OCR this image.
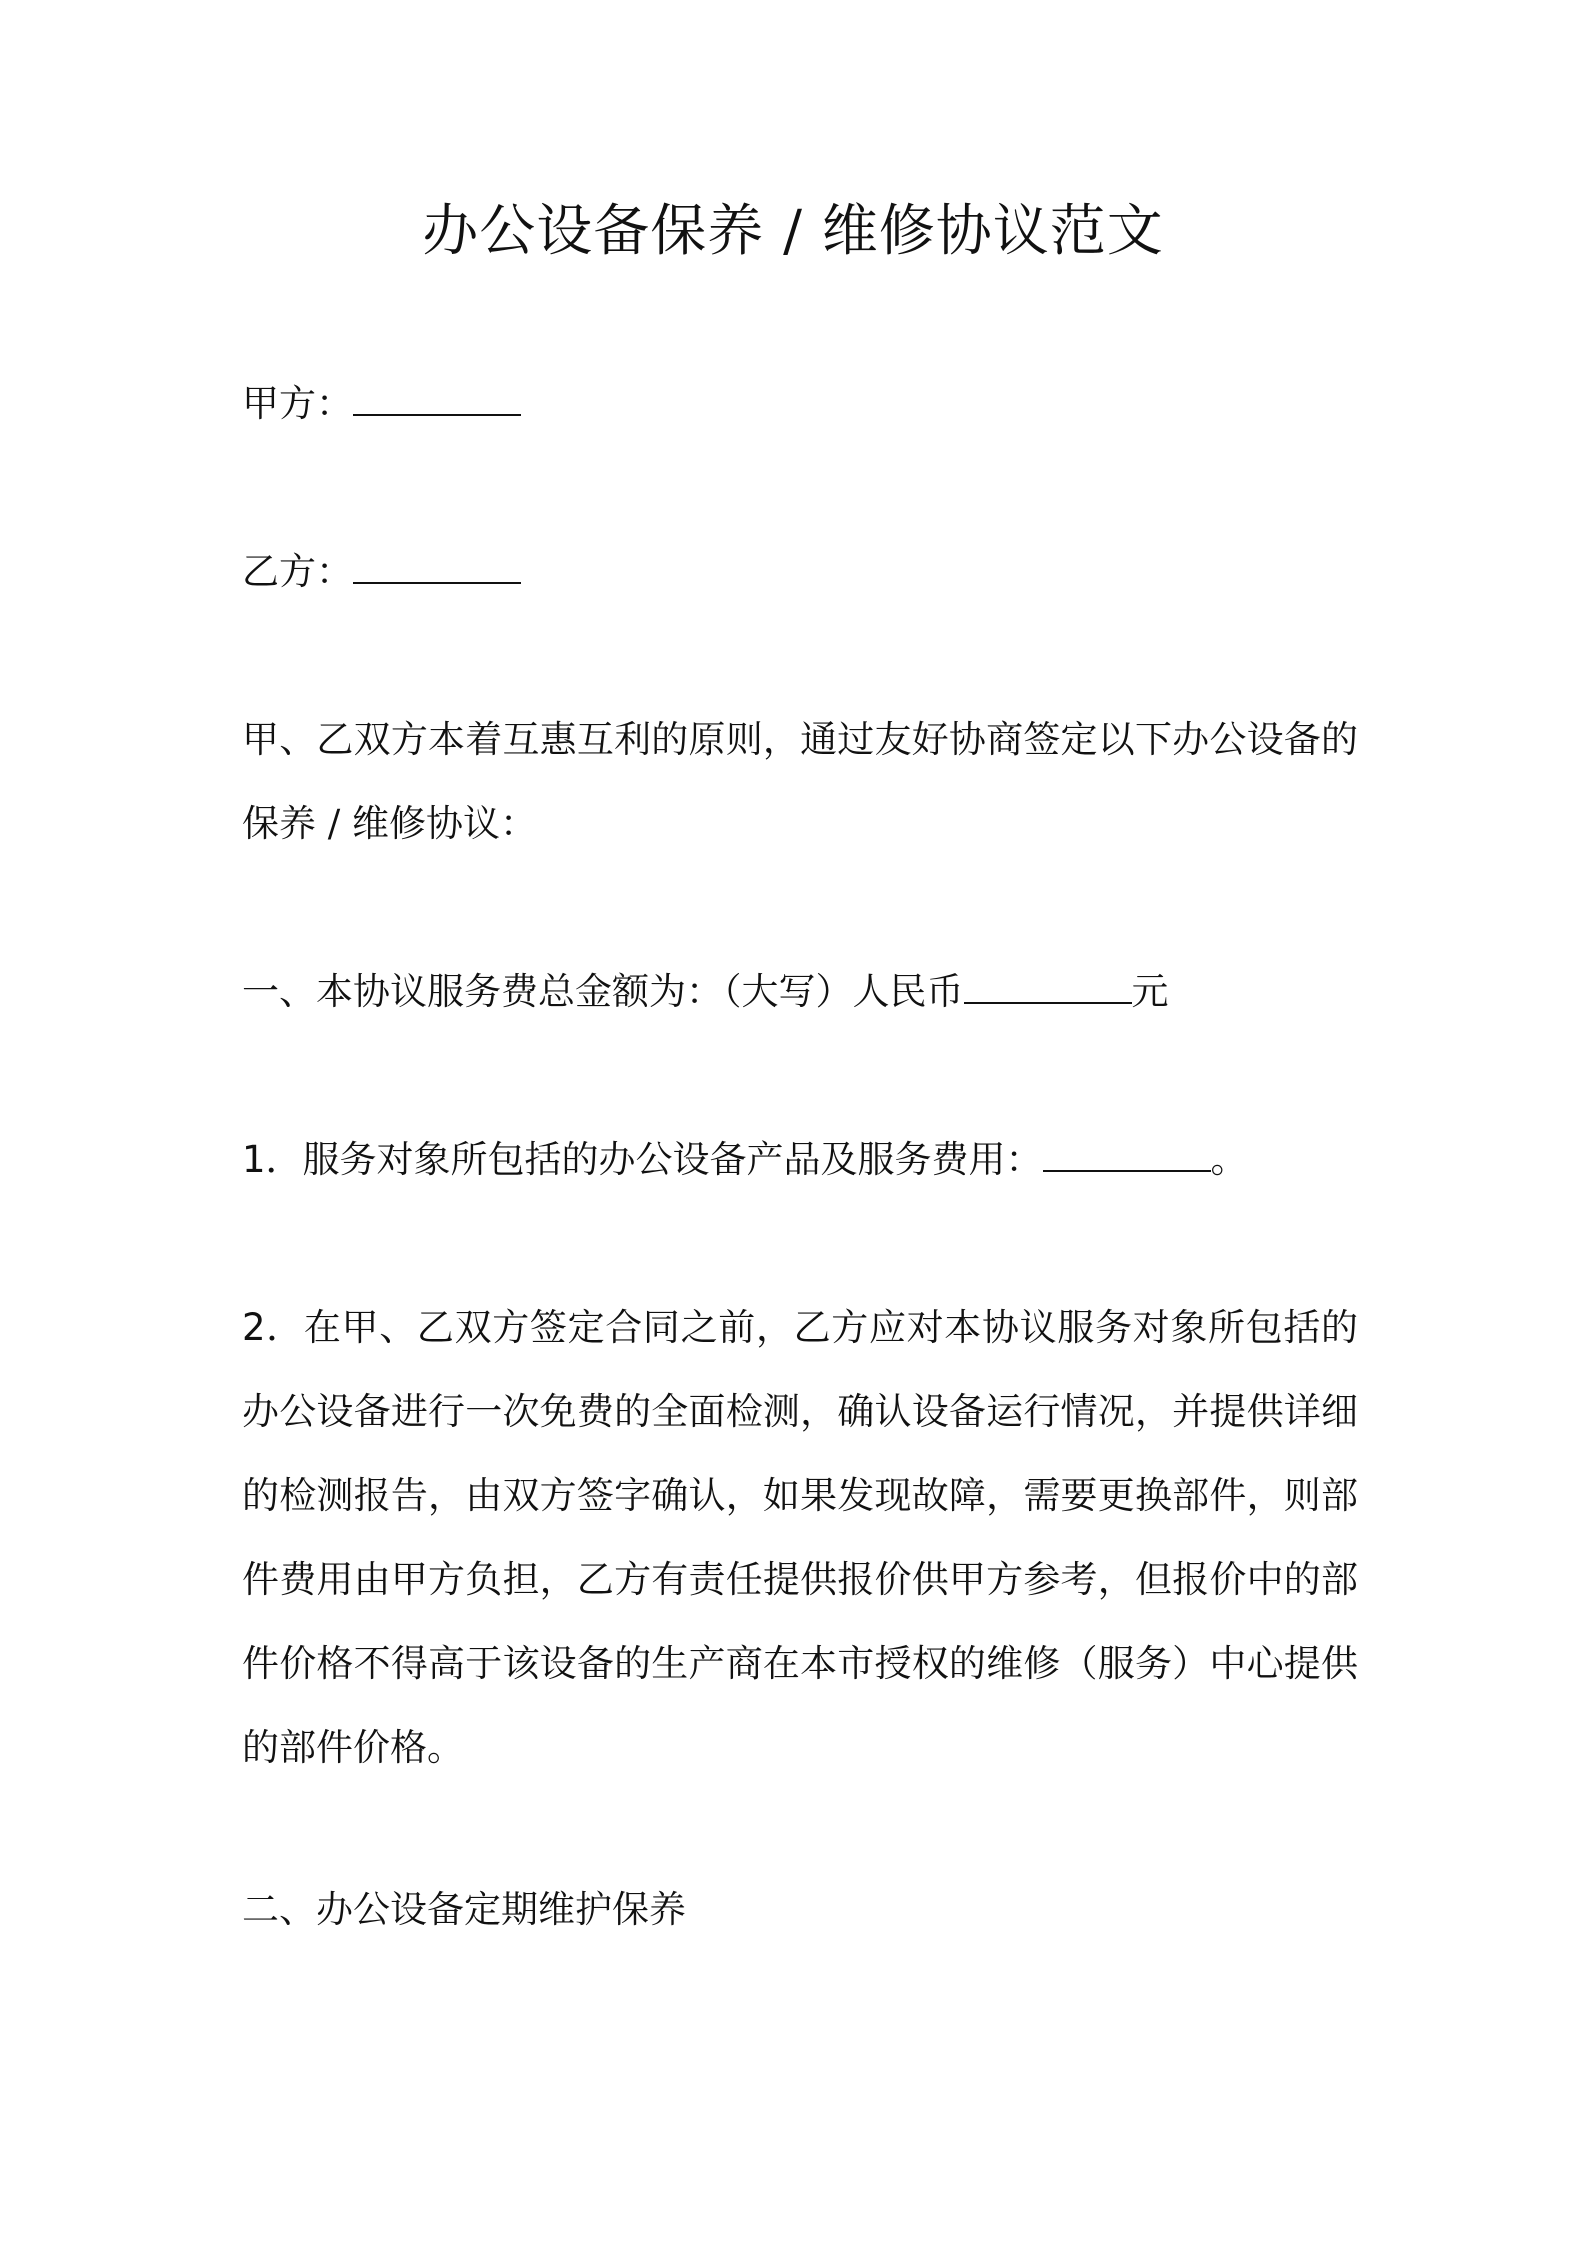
办公设备保养 / 维修协议范文

甲方：

乙方：

甲、乙双方本着互惠互利的原则，通过友好协商签定以下办公设备的保养 / 维修协议：

一、本协议服务费总金额为：（大写）人民币	元

1．服务对象所包括的办公设备产品及服务费用：	。

2．在甲、乙双方签定合同之前，乙方应对本协议服务对象所包括的办公设备进行一次免费的全面检测，确认设备运行情况，并提供详细的检测报告，由双方签字确认，如果发现故障，需要更换部件，则部件费用由甲方负担，乙方有责任提供报价供甲方参考，但报价中的部件价格不得高于该设备的生产商在本市授权的维修（服务）中心提供的部件价格。

二、办公设备定期维护保养
